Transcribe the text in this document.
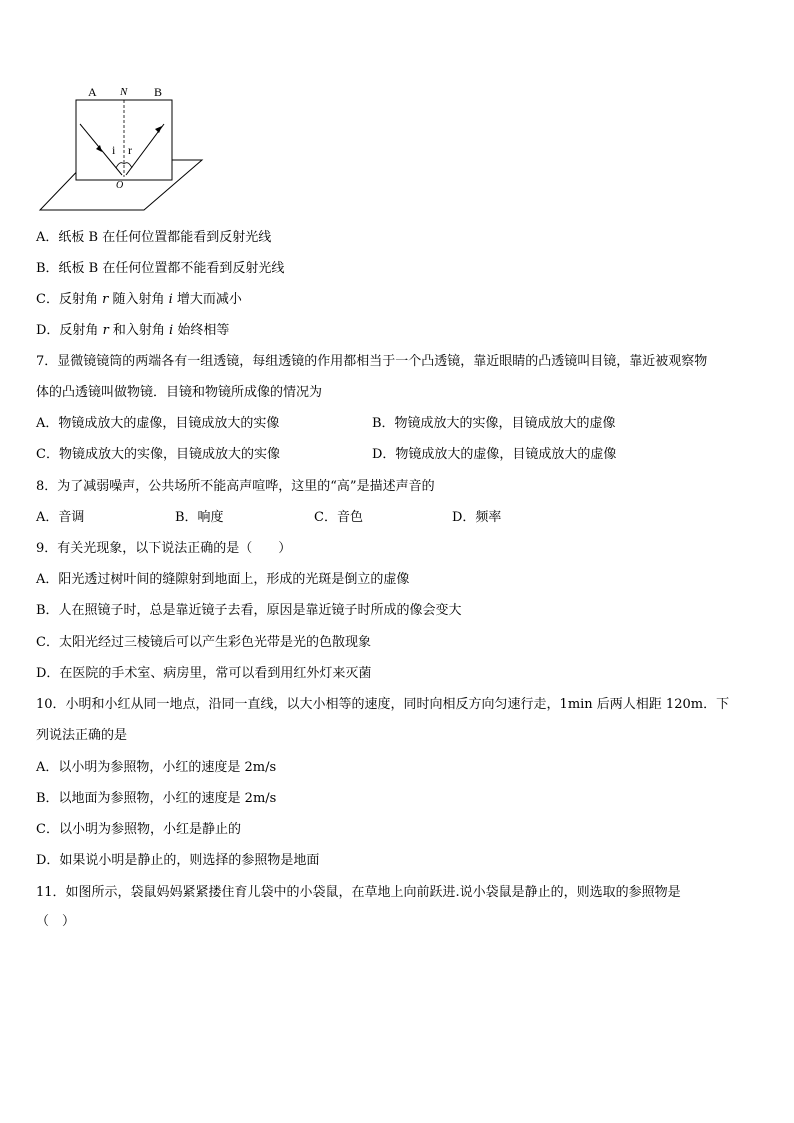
A N B
i r
O
A．纸板 B 在任何位置都能看到反射光线
B．纸板 B 在任何位置都不能看到反射光线
C．反射角 r 随入射角 i 增大而减小
D．反射角 r 和入射角 i 始终相等
7．显微镜镜筒的两端各有一组透镜，每组透镜的作用都相当于一个凸透镜，靠近眼睛的凸透镜叫目镜，靠近被观察物
体的凸透镜叫做物镜．目镜和物镜所成像的情况为
A．物镜成放大的虚像，目镜成放大的实像	B．物镜成放大的实像，目镜成放大的虚像
C．物镜成放大的实像，目镜成放大的实像	D．物镜成放大的虚像，目镜成放大的虚像
8．为了减弱噪声，公共场所不能高声喧哗，这里的“高”是描述声音的
A．音调	B．响度	C．音色	D．频率
9．有关光现象，以下说法正确的是（　　）
A．阳光透过树叶间的缝隙射到地面上，形成的光斑是倒立的虚像
B．人在照镜子时，总是靠近镜子去看，原因是靠近镜子时所成的像会变大
C．太阳光经过三棱镜后可以产生彩色光带是光的色散现象
D．在医院的手术室、病房里，常可以看到用红外灯来灭菌
10．小明和小红从同一地点，沿同一直线，以大小相等的速度，同时向相反方向匀速行走，1min 后两人相距 120m．下
列说法正确的是
A．以小明为参照物，小红的速度是 2m/s
B．以地面为参照物，小红的速度是 2m/s
C．以小明为参照物，小红是静止的
D．如果说小明是静止的，则选择的参照物是地面
11．如图所示，袋鼠妈妈紧紧搂住育儿袋中的小袋鼠，在草地上向前跃进.说小袋鼠是静止的，则选取的参照物是
（　）
